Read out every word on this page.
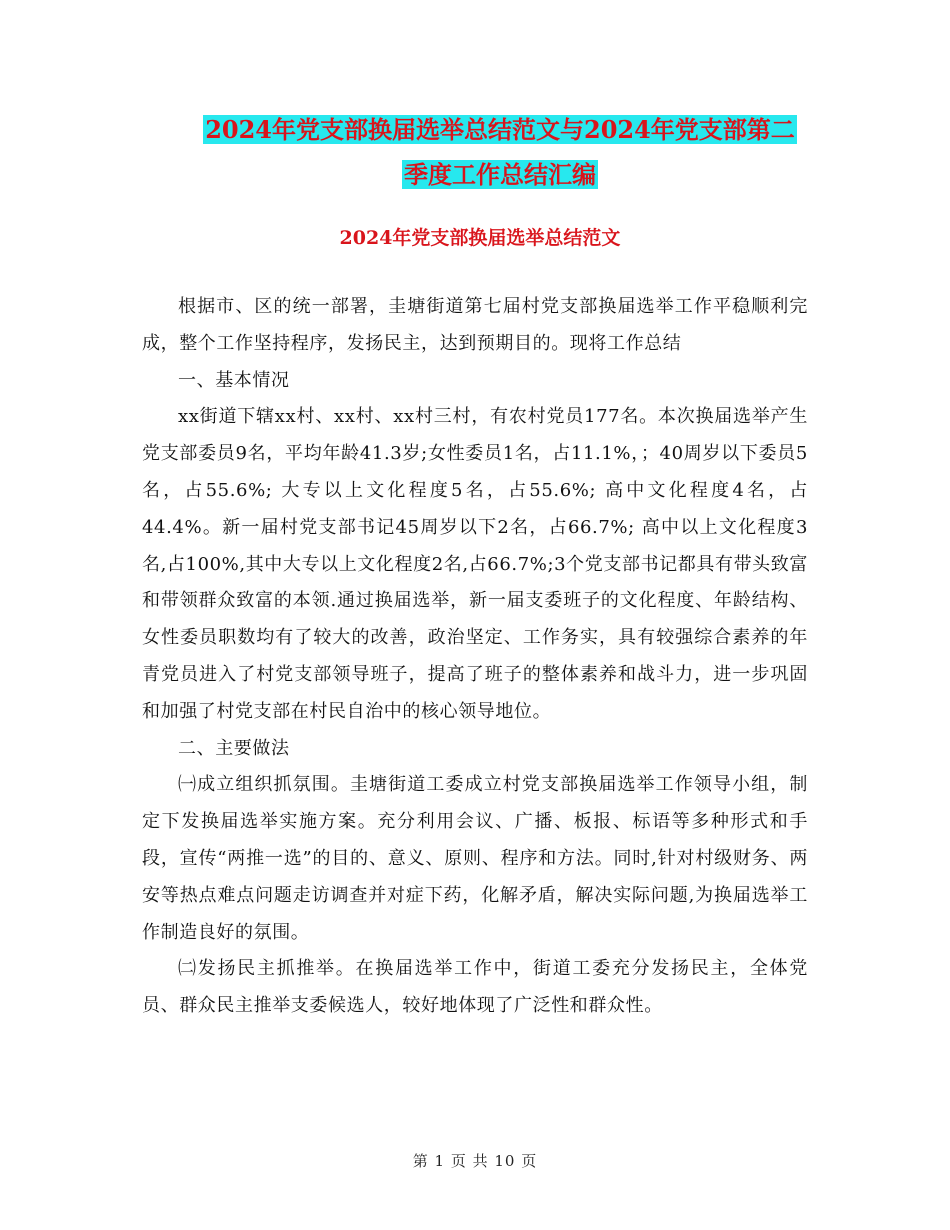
2024年党支部换届选举总结范文与2024年党支部第二
季度工作总结汇编
2024年党支部换届选举总结范文

根据市、区的统一部署，圭塘街道第七届村党支部换届选举工作平稳顺利完成，整个工作坚持程序，发扬民主，达到预期目的。现将工作总结

一、基本情况

xx街道下辖xx村、xx村、xx村三村，有农村党员177名。本次换届选举产生党支部委员9名，平均年龄41.3岁;女性委员1名，占11.1%，；40周岁以下委员5名，占55.6%; 大专以上文化程度5名，占55.6%; 高中文化程度4名，占44.4%。新一届村党支部书记45周岁以下2名，占66.7%; 高中以上文化程度3名,占100%,其中大专以上文化程度2名,占66.7%;3个党支部书记都具有带头致富和带领群众致富的本领.通过换届选举，新一届支委班子的文化程度、年龄结构、女性委员职数均有了较大的改善，政治坚定、工作务实，具有较强综合素养的年青党员进入了村党支部领导班子，提高了班子的整体素养和战斗力，进一步巩固和加强了村党支部在村民自治中的核心领导地位。

二、主要做法

㈠成立组织抓氛围。圭塘街道工委成立村党支部换届选举工作领导小组，制定下发换届选举实施方案。充分利用会议、广播、板报、标语等多种形式和手段，宣传“两推一选”的目的、意义、原则、程序和方法。同时,针对村级财务、两安等热点难点问题走访调查并对症下药，化解矛盾，解决实际问题,为换届选举工作制造良好的氛围。

㈡发扬民主抓推举。在换届选举工作中，街道工委充分发扬民主，全体党员、群众民主推举支委候选人，较好地体现了广泛性和群众性。

第 1 页 共 10 页
